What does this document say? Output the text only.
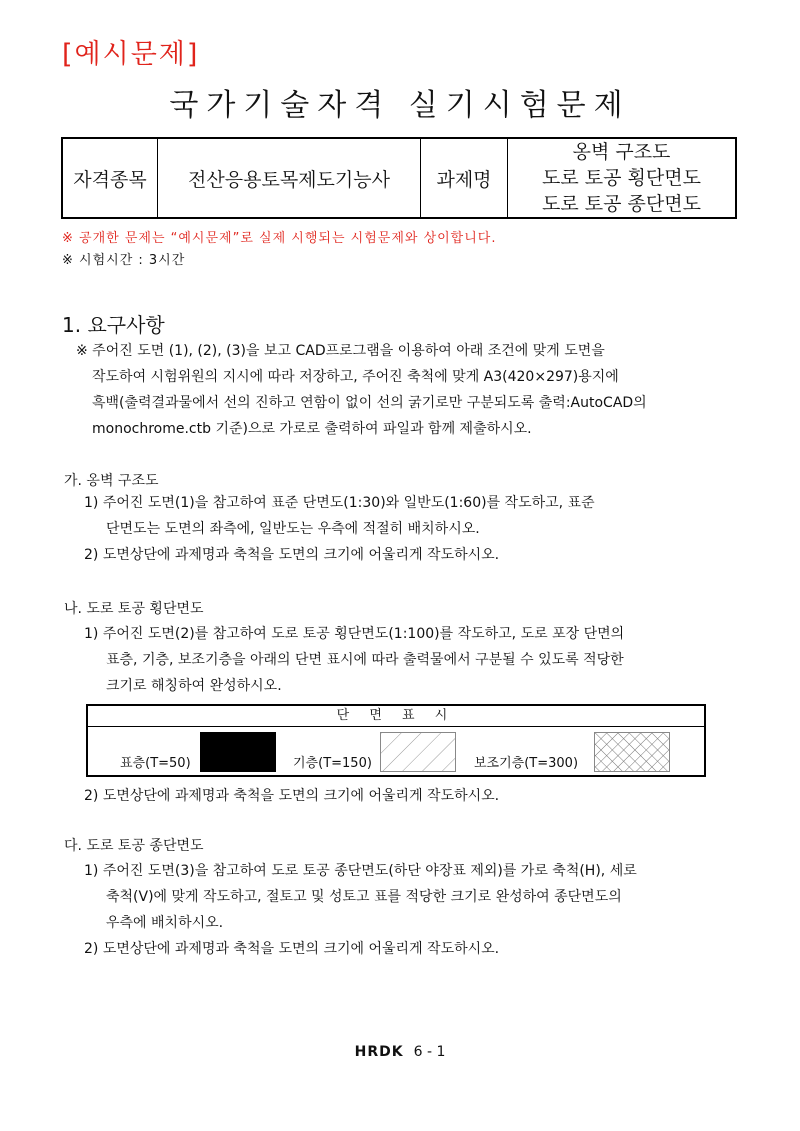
[예시문제]
국가기술자격 실기시험문제
자격종목	전산응용토목제도기능사	과제명	
옹벽 구조도
도로 토공 횡단면도
도로 토공 종단면도
※ 공개한 문제는 “예시문제”로 실제 시행되는 시험문제와 상이합니다.
※ 시험시간 : 3시간
1. 요구사항
※ 주어진 도면 (1), (2), (3)을 보고 CAD프로그램을 이용하여 아래 조건에 맞게 도면을
작도하여 시험위원의 지시에 따라 저장하고, 주어진 축척에 맞게 A3(420×297)용지에
흑백(출력결과물에서 선의 진하고 연함이 없이 선의 굵기로만 구분되도록 출력:AutoCAD의
monochrome.ctb 기준)으로 가로로 출력하여 파일과 함께 제출하시오.
가. 옹벽 구조도
1) 주어진 도면(1)을 참고하여 표준 단면도(1:30)와 일반도(1:60)를 작도하고, 표준
단면도는 도면의 좌측에, 일반도는 우측에 적절히 배치하시오.
2) 도면상단에 과제명과 축척을 도면의 크기에 어울리게 작도하시오.
나. 도로 토공 횡단면도
1) 주어진 도면(2)를 참고하여 도로 토공 횡단면도(1:100)를 작도하고, 도로 포장 단면의
표층, 기층, 보조기층을 아래의 단면 표시에 따라 출력물에서 구분될 수 있도록 적당한
크기로 해칭하여 완성하시오.
단 면 표 시
표층(T=50)	기층(T=150)	보조기층(T=300)
2) 도면상단에 과제명과 축척을 도면의 크기에 어울리게 작도하시오.
다. 도로 토공 종단면도
1) 주어진 도면(3)을 참고하여 도로 토공 종단면도(하단 야장표 제외)를 가로 축척(H), 세로
축척(V)에 맞게 작도하고, 절토고 및 성토고 표를 적당한 크기로 완성하여 종단면도의
우측에 배치하시오.
2) 도면상단에 과제명과 축척을 도면의 크기에 어울리게 작도하시오.
HRDK 6 - 1
